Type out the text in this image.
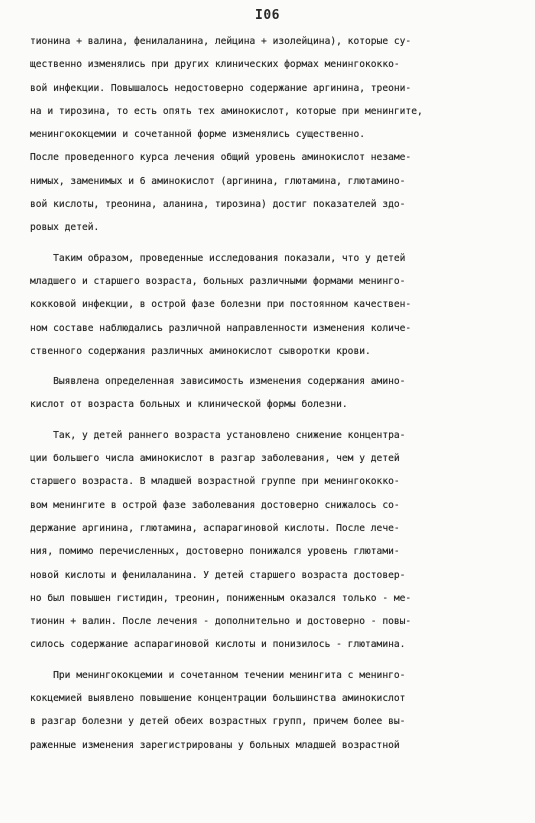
I06
тионина + валина, фенилаланина, лейцина + изолейцина), которые су-
щественно изменялись при других клинических формах менингококко-
вой инфекции. Повышалось недостоверно содержание аргинина, треони-
на и тирозина, то есть опять тех аминокислот, которые при менингите,
менингококцемии и сочетанной форме изменялись существенно.
После проведенного курса лечения общий уровень аминокислот незаме-
нимых, заменимых и 6 аминокислот (аргинина, глютамина, глютамино-
вой кислоты, треонина, аланина, тирозина) достиг показателей здо-
ровых детей.
Таким образом, проведенные исследования показали, что у детей
младшего и старшего возраста, больных различными формами менинго-
кокковой инфекции, в острой фазе болезни при постоянном качествен-
ном составе наблюдались различной направленности изменения количе-
ственного содержания различных аминокислот сыворотки крови.
Выявлена определенная зависимость изменения содержания амино-
кислот от возраста больных и клинической формы болезни.
Так, у детей раннего возраста установлено снижение концентра-
ции большего числа аминокислот в разгар заболевания, чем у детей
старшего возраста. В младшей возрастной группе при менингококко-
вом менингите в острой фазе заболевания достоверно снижалось со-
держание аргинина, глютамина, аспарагиновой кислоты. После лече-
ния, помимо перечисленных, достоверно понижался уровень глютами-
новой кислоты и фенилаланина. У детей старшего возраста достовер-
но был повышен гистидин, треонин, пониженным оказался только - ме-
тионин + валин. После лечения - дополнительно и достоверно - повы-
силось содержание аспарагиновой кислоты и понизилось - глютамина.
При менингококцемии и сочетанном течении менингита с менинго-
кокцемией выявлено повышение концентрации большинства аминокислот
в разгар болезни у детей обеих возрастных групп, причем более вы-
раженные изменения зарегистрированы у больных младшей возрастной
